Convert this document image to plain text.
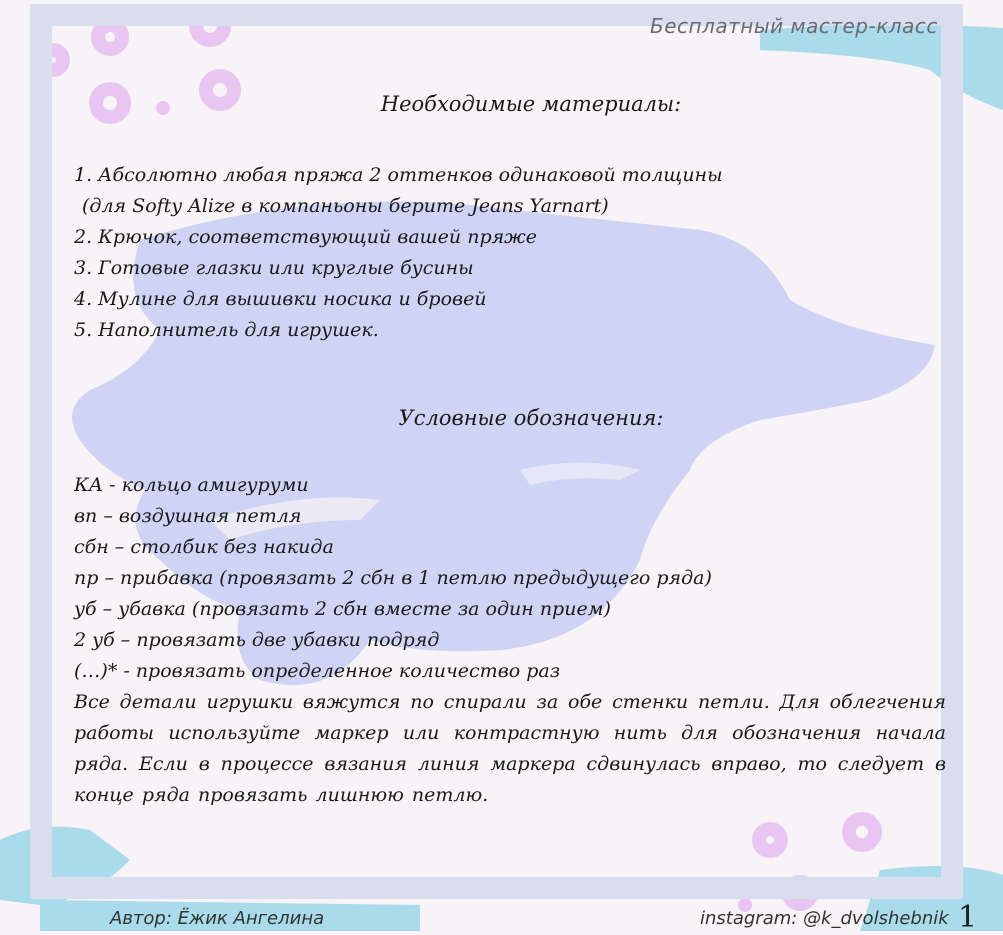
Бесплатный мастер-класс
Необходимые материалы:
1. Абсолютно любая пряжа 2 оттенков одинаковой толщины
(для Softy Alize в компаньоны берите Jeans Yarnart)
2. Крючок, соответствующий вашей пряже
3. Готовые глазки или круглые бусины
4. Мулине для вышивки носика и бровей
5. Наполнитель для игрушек.
Условные обозначения:
КА - кольцо амигуруми
вп – воздушная петля
сбн – столбик без накида
пр – прибавка (провязать 2 сбн в 1 петлю предыдущего ряда)
уб – убавка (провязать 2 сбн вместе за один прием)
2 уб – провязать две убавки подряд
(…)* - провязать определенное количество раз

Все детали игрушки вяжутся по спирали за обе стенки петли. Для облегчения работы используйте маркер или контрастную нить для обозначения начала ряда. Если в процессе вязания линия маркера сдвинулась вправо, то следует в конце ряда провязать лишнюю петлю.

Автор: Ёжик Ангелина	instagram: @k_dvolshebnik 1
